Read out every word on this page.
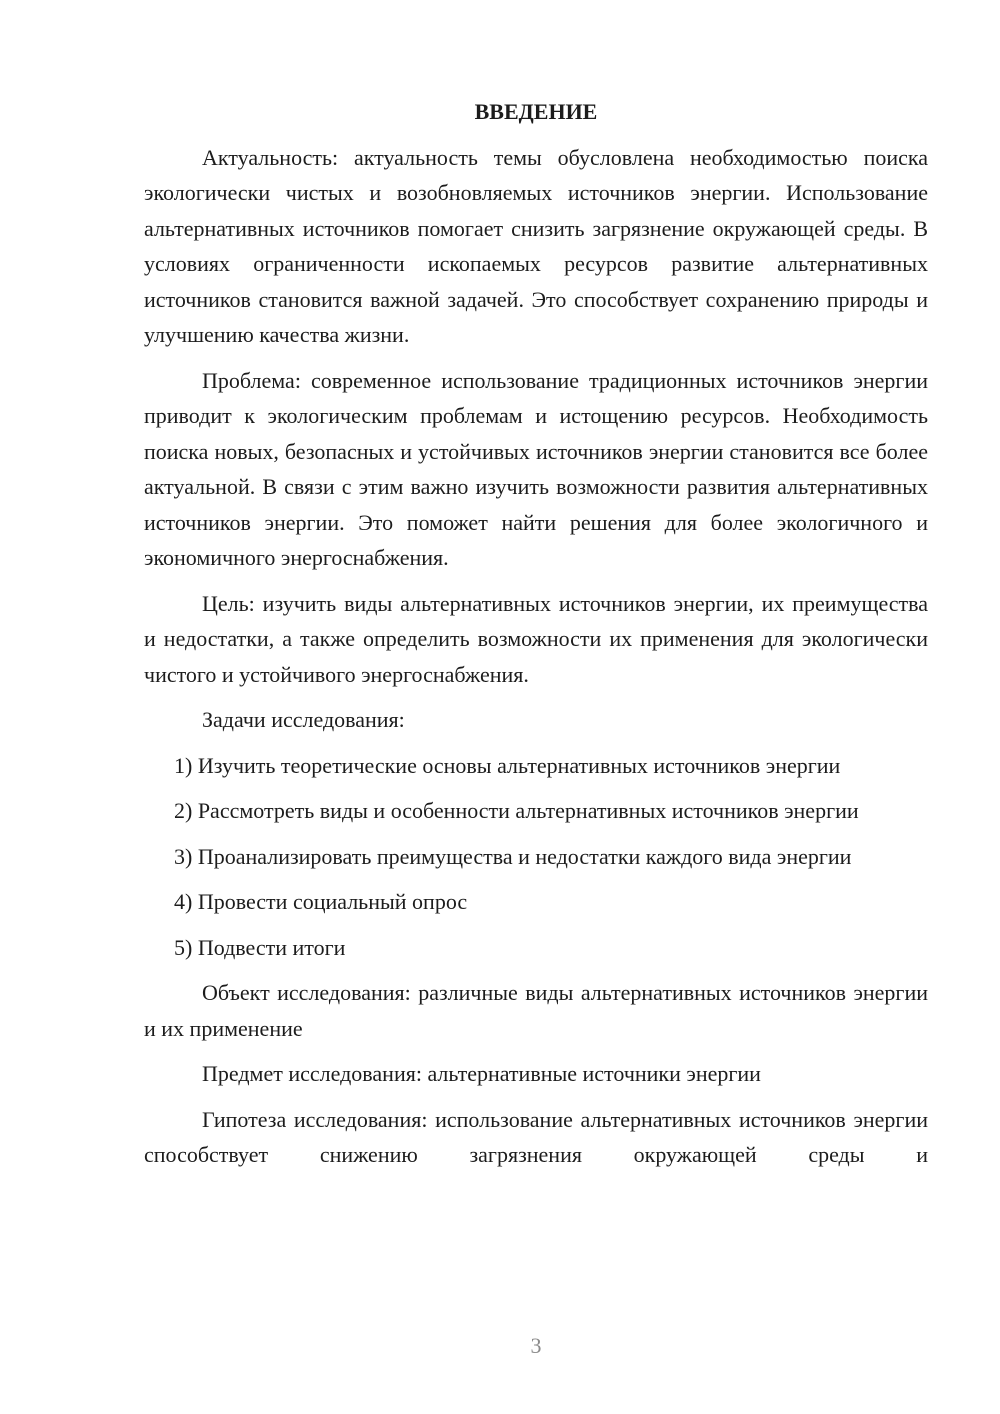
ВВЕДЕНИЕ

Актуальность: актуальность темы обусловлена необходимостью поиска экологически чистых и возобновляемых источников энергии. Использование альтернативных источников помогает снизить загрязнение окружающей среды. В условиях ограниченности ископаемых ресурсов развитие альтернативных источников становится важной задачей. Это способствует сохранению природы и улучшению качества жизни.

Проблема: современное использование традиционных источников энергии приводит к экологическим проблемам и истощению ресурсов. Необходимость поиска новых, безопасных и устойчивых источников энергии становится все более актуальной. В связи с этим важно изучить возможности развития альтернативных источников энергии. Это поможет найти решения для более экологичного и экономичного энергоснабжения.

Цель: изучить виды альтернативных источников энергии, их преимущества и недостатки, а также определить возможности их применения для экологически чистого и устойчивого энергоснабжения.

Задачи исследования:

1) Изучить теоретические основы альтернативных источников энергии

2) Рассмотреть виды и особенности альтернативных источников энергии

3) Проанализировать преимущества и недостатки каждого вида энергии

4) Провести социальный опрос

5) Подвести итоги

Объект исследования: различные виды альтернативных источников энергии и их применение

Предмет исследования: альтернативные источники энергии

Гипотеза исследования: использование альтернативных источников энергии способствует снижению загрязнения окружающей среды и

3
